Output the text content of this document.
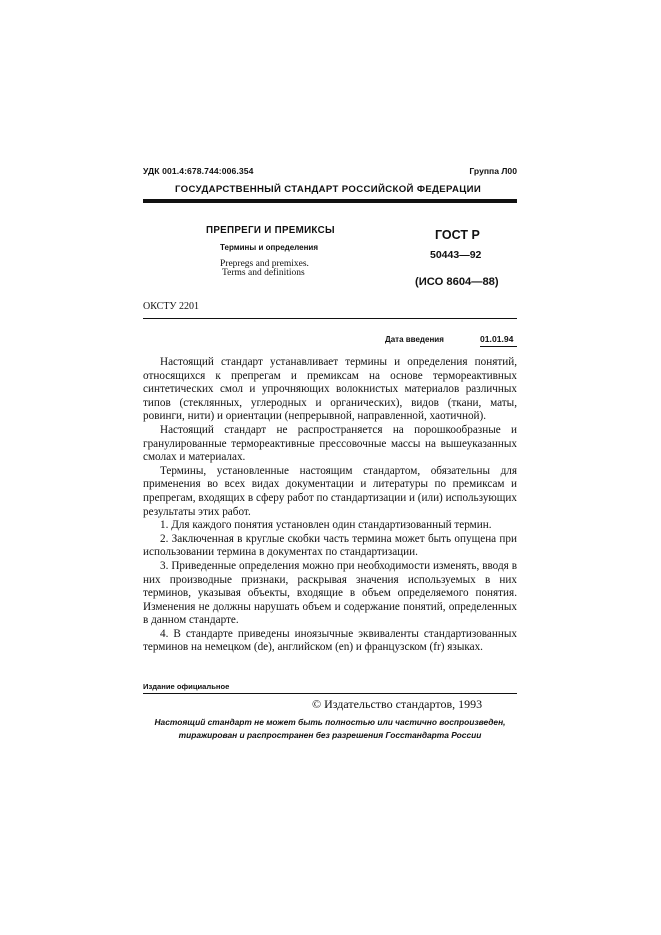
УДК 001.4:678.744:006.354	Группа Л00
ГОСУДАРСТВЕННЫЙ СТАНДАРТ РОССИЙСКОЙ ФЕДЕРАЦИИ
ПРЕПРЕГИ И ПРЕМИКСЫ
Термины и определения
Prepregs and premixes.
Terms and definitions
ГОСТ Р
50443—92
(ИСО 8604—88)
ОКСТУ 2201
Дата введения	01.01.94

Настоящий стандарт устанавливает термины и определения понятий, относящихся к препрегам и премиксам на основе термореактивных синтетических смол и упрочняющих волокнистых материалов различных типов (стеклянных, углеродных и органических), видов (ткани, маты, ровинги, нити) и ориентации (непрерывной, направленной, хаотичной).

Настоящий стандарт не распространяется на порошкообразные и гранулированные термореактивные прессовочные массы на вышеуказанных смолах и материалах.

Термины, установленные настоящим стандартом, обязательны для применения во всех видах документации и литературы по премиксам и препрегам, входящих в сферу работ по стандартизации и (или) использующих результаты этих работ.

1. Для каждого понятия установлен один стандартизованный термин.

2. Заключенная в круглые скобки часть термина может быть опущена при использовании термина в документах по стандартизации.

3. Приведенные определения можно при необходимости изменять, вводя в них производные признаки, раскрывая значения используемых в них терминов, указывая объекты, входящие в объем определяемого понятия. Изменения не должны нарушать объем и содержание понятий, определенных в данном стандарте.

4. В стандарте приведены иноязычные эквиваленты стандартизованных терминов на немецком (de), английском (en) и французском (fr) языках.

Издание официальное
© Издательство стандартов, 1993
Настоящий стандарт не может быть полностью или частично воспроизведен, тиражирован и распространен без разрешения Госстандарта России
